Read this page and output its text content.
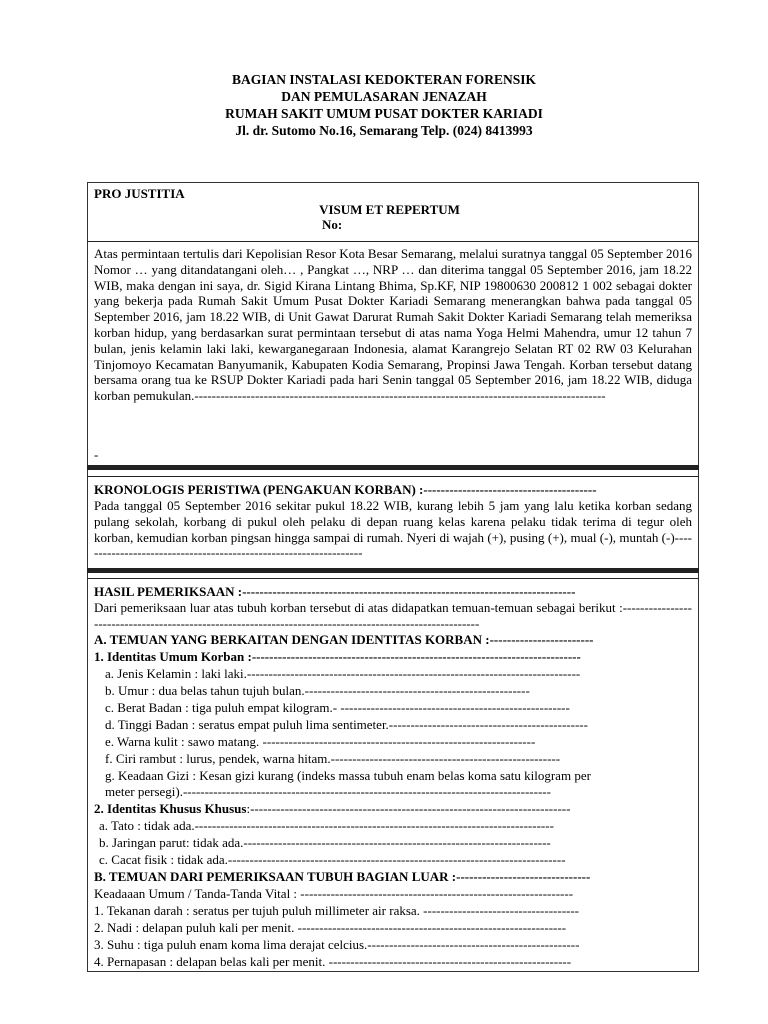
BAGIAN INSTALASI KEDOKTERAN FORENSIK
DAN PEMULASARAN JENAZAH
RUMAH SAKIT UMUM PUSAT DOKTER KARIADI
Jl. dr. Sutomo No.16, Semarang Telp. (024) 8413993
PRO JUSTITIA
VISUM ET REPERTUM
No:
Atas permintaan tertulis dari Kepolisian Resor Kota Besar Semarang, melalui suratnya tanggal 05 September 2016 Nomor … yang ditandatangani oleh… , Pangkat …, NRP … dan diterima tanggal 05 September 2016, jam 18.22 WIB, maka dengan ini saya, dr. Sigid Kirana Lintang Bhima, Sp.KF, NIP 19800630 200812 1 002 sebagai dokter yang bekerja pada Rumah Sakit Umum Pusat Dokter Kariadi Semarang menerangkan bahwa pada tanggal 05 September 2016, jam 18.22 WIB, di Unit Gawat Darurat Rumah Sakit Dokter Kariadi Semarang telah memeriksa korban hidup, yang berdasarkan surat permintaan tersebut di atas nama Yoga Helmi Mahendra, umur 12 tahun 7 bulan, jenis kelamin laki laki, kewarganegaraan Indonesia, alamat Karangrejo Selatan RT 02 RW 03 Kelurahan Tinjomoyo Kecamatan Banyumanik, Kabupaten Kodia Semarang, Propinsi Jawa Tengah. Korban tersebut datang bersama orang tua ke RSUP Dokter Kariadi pada hari Senin tanggal 05 September 2016, jam 18.22 WIB, diduga korban pemukulan.-----------------------------------------------------------------------------------------------
-
KRONOLOGIS PERISTIWA (PENGAKUAN KORBAN) :----------------------------------------
Pada tanggal 05 September 2016 sekitar pukul 18.22 WIB, kurang lebih 5 jam yang lalu ketika korban sedang pulang sekolah, korbang di pukul oleh pelaku di depan ruang kelas karena pelaku tidak terima di tegur oleh korban, kemudian korban pingsan hingga sampai di rumah. Nyeri di wajah (+), pusing (+), mual (-), muntah (-)------------------------------------------------------------------
HASIL PEMERIKSAAN :-----------------------------------------------------------------------------
Dari pemeriksaan luar atas tubuh korban tersebut di atas didapatkan temuan-temuan sebagai berikut :---------------------------------------------------------------------------------------------------------
A. TEMUAN YANG BERKAITAN DENGAN IDENTITAS KORBAN :------------------------
1. Identitas Umum Korban :----------------------------------------------------------------------------
a. Jenis Kelamin : laki laki.-----------------------------------------------------------------------------
b. Umur : dua belas tahun tujuh bulan.----------------------------------------------------
c. Berat Badan : tiga puluh empat kilogram.- -----------------------------------------------------
d. Tinggi Badan : seratus empat puluh lima sentimeter.----------------------------------------------
e. Warna kulit : sawo matang. ---------------------------------------------------------------
f. Ciri rambut : lurus, pendek, warna hitam.-----------------------------------------------------
g. Keadaan Gizi : Kesan gizi kurang (indeks massa tubuh enam belas koma satu kilogram per
meter persegi).-------------------------------------------------------------------------------------
2. Identitas Khusus Khusus:--------------------------------------------------------------------------
a. Tato : tidak ada.-----------------------------------------------------------------------------------
b. Jaringan parut: tidak ada.-----------------------------------------------------------------------
c. Cacat fisik : tidak ada.------------------------------------------------------------------------------
B. TEMUAN DARI PEMERIKSAAN TUBUH BAGIAN LUAR :-------------------------------
Keadaaan Umum / Tanda-Tanda Vital : ---------------------------------------------------------------
1. Tekanan darah : seratus per tujuh puluh millimeter air raksa. ------------------------------------
2. Nadi : delapan puluh kali per menit. --------------------------------------------------------------
3. Suhu : tiga puluh enam koma lima derajat celcius.-------------------------------------------------
4. Pernapasan : delapan belas kali per menit. --------------------------------------------------------
